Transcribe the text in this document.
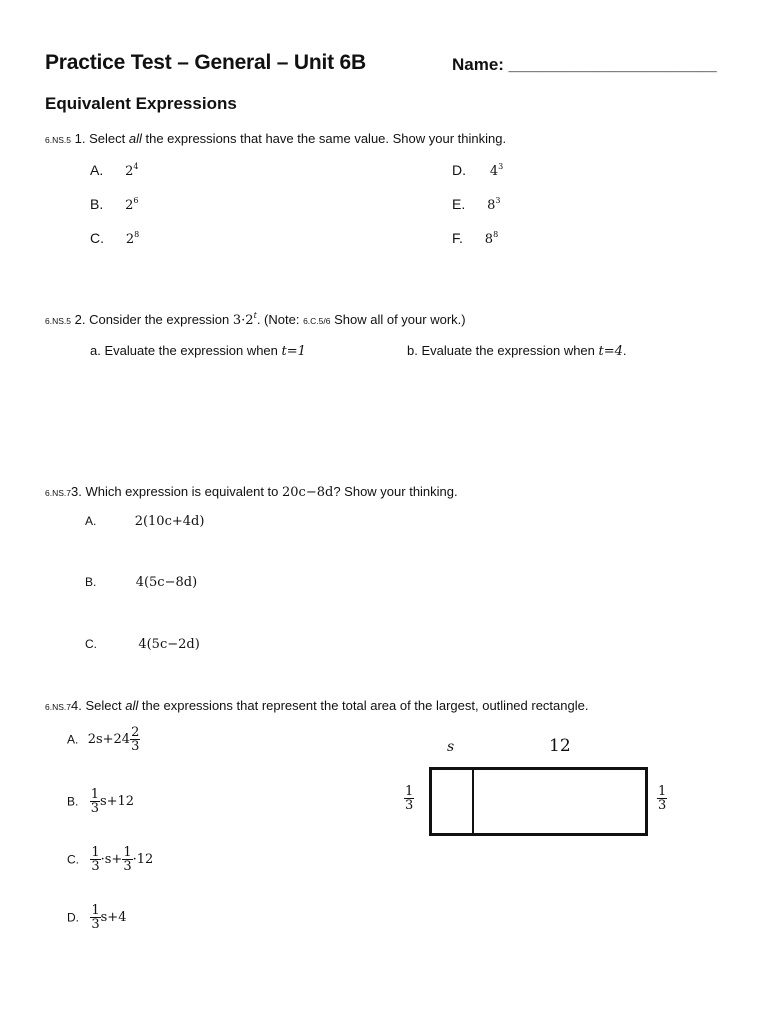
Practice Test – General – Unit 6B	Name: ______________________
Equivalent Expressions
6.NS.5 1. Select all the expressions that have the same value. Show your thinking.
A. $2^4$
B. $2^6$
C. $2^8$
D. $4^3$
E. $8^3$
F. $8^8$
6.NS.5 2. Consider the expression $3\cdot 2^t$. (Note: 6.C.5/6 Show all of your work.)
a. Evaluate the expression when t=1	b. Evaluate the expression when t=4.
6.NS.73. Which expression is equivalent to 20c−8d? Show your thinking.
A.	2(10c+4d)
B.	4(5c−8d)
C.	4(5c−2d)
6.NS.74. Select all the expressions that represent the total area of the largest, outlined rectangle.
A. $2s+24 \frac{2}{3}$
B. $\frac{1}{3} s+12$
C. $\frac{1}{3} \cdot s+ \frac{1}{3} \cdot 12$
D. $\frac{1}{3} s+4$
s	12
$\frac{1}{3}$	$\frac{1}{3}$
